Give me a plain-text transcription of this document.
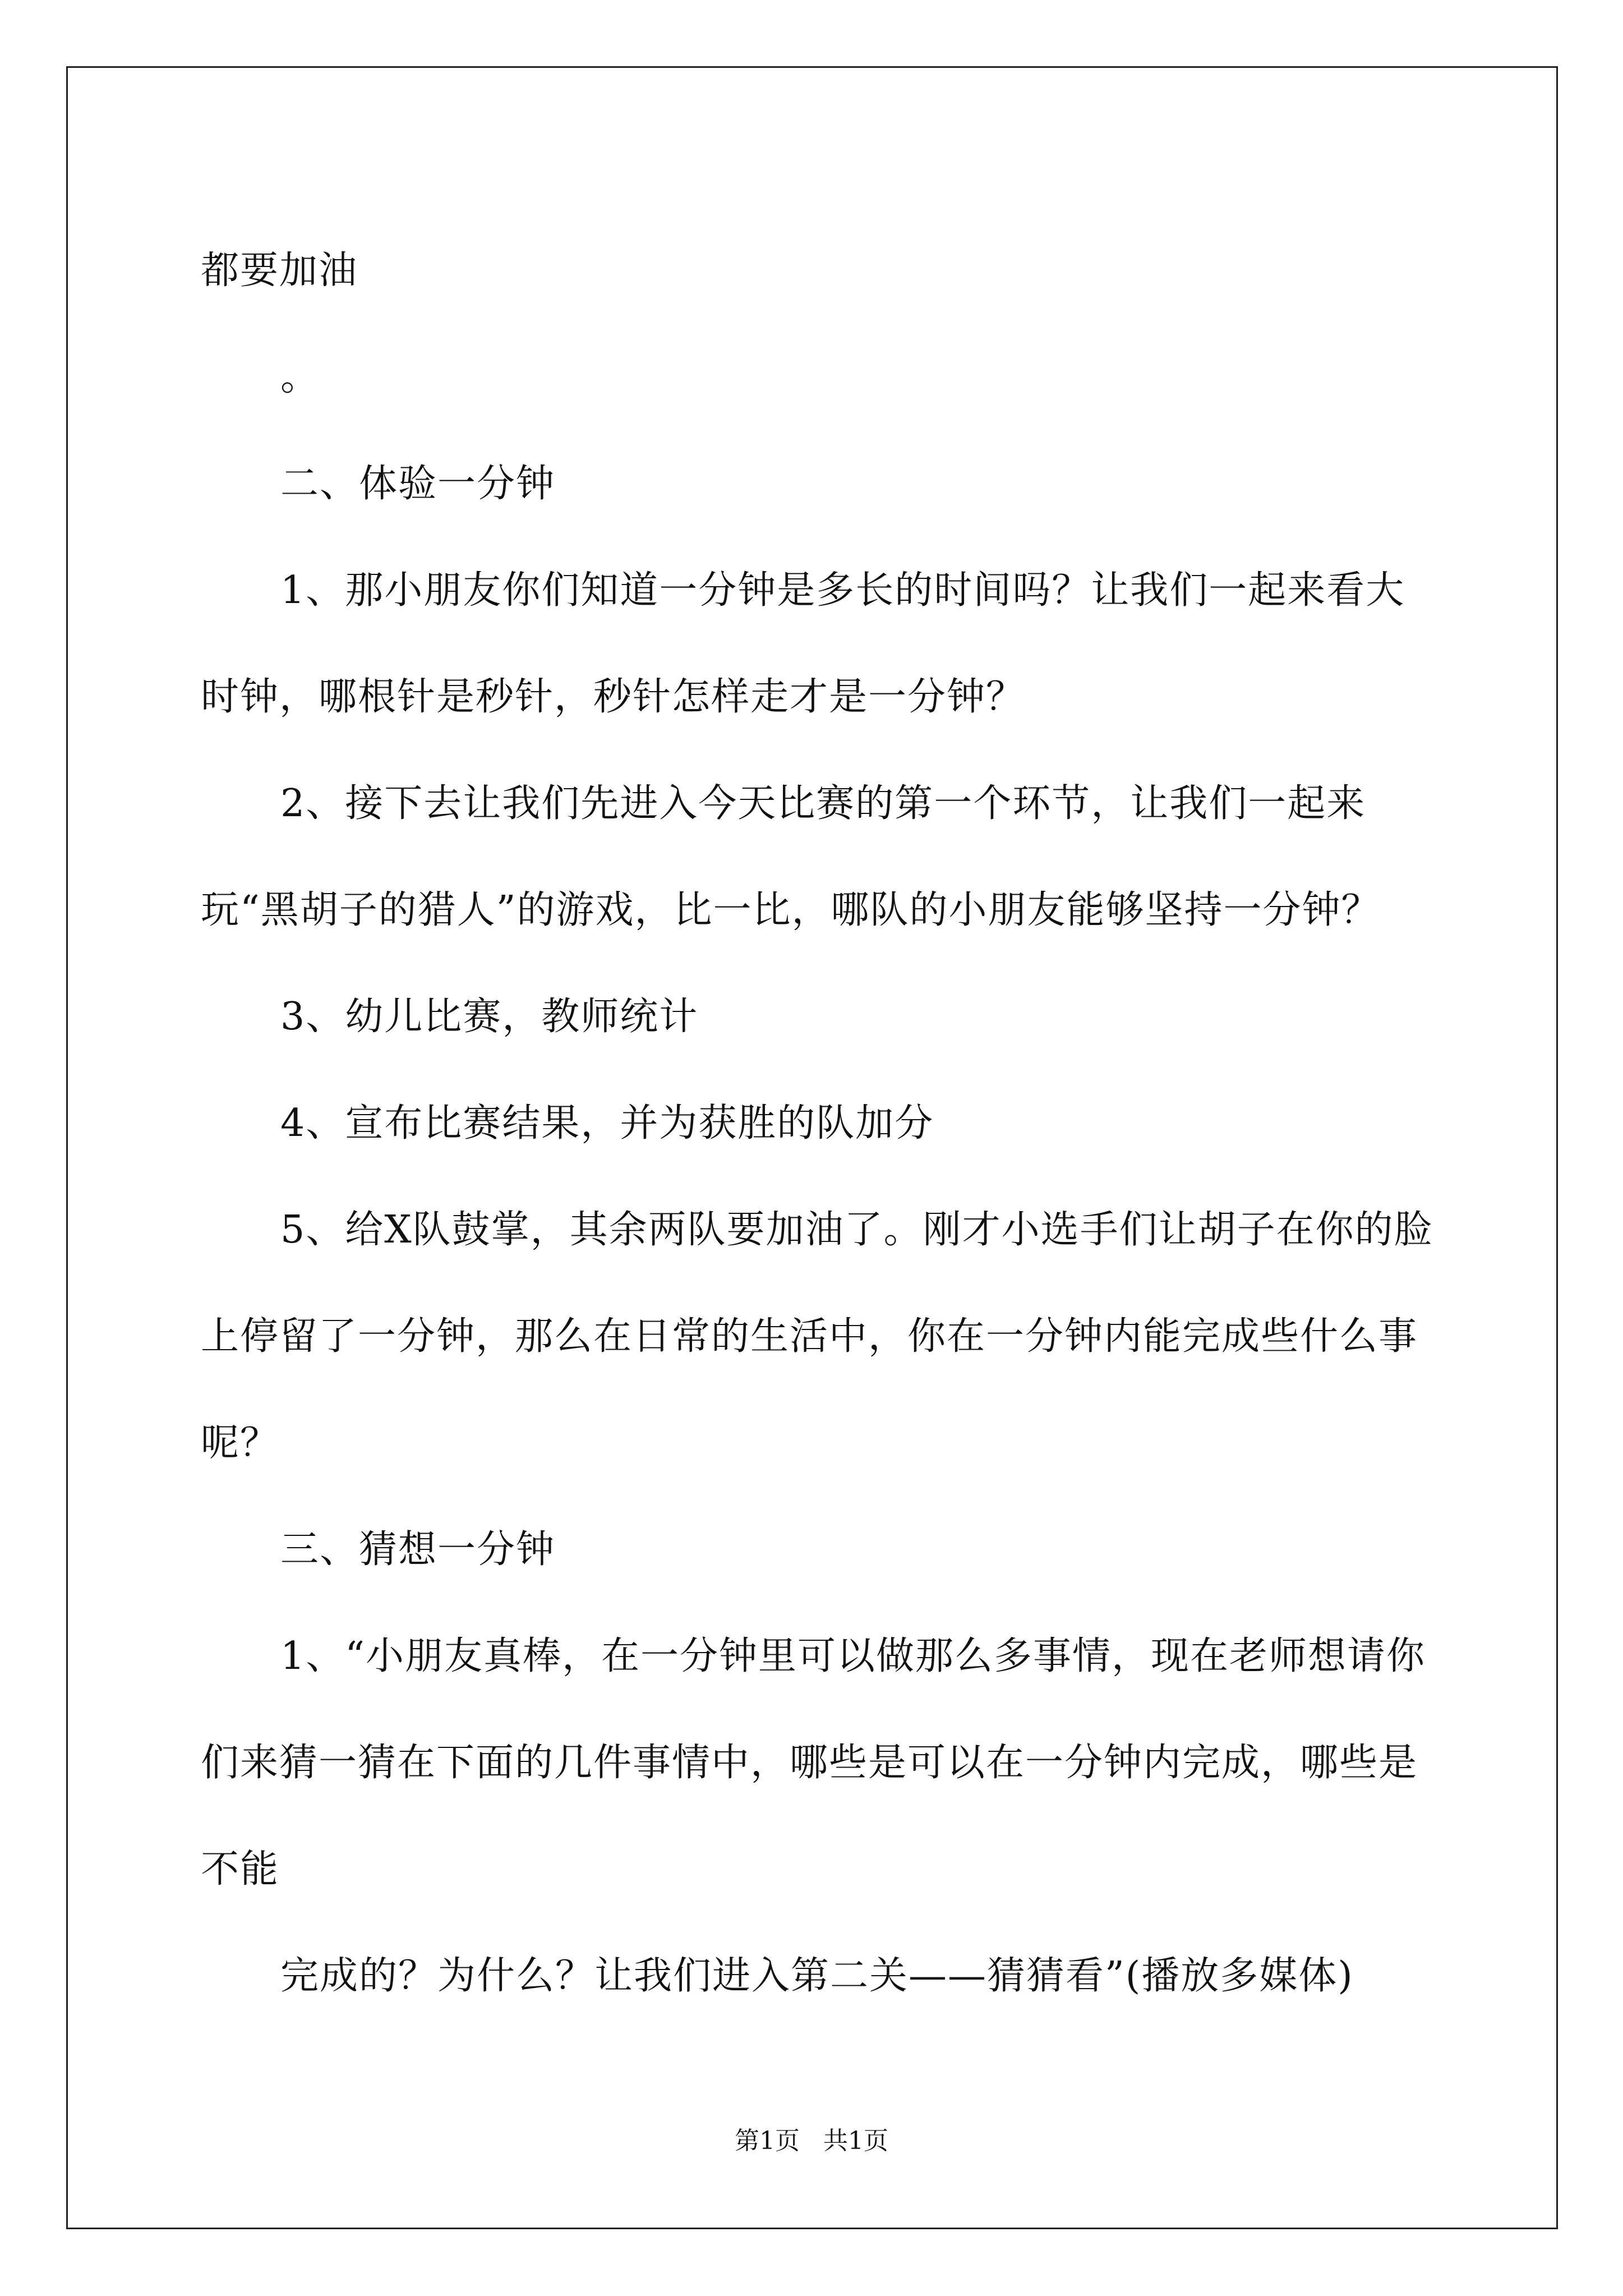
都要加油

。

二、体验一分钟

1、那小朋友你们知道一分钟是多长的时间吗？让我们一起来看大时钟，哪根针是秒针，秒针怎样走才是一分钟？

2、接下去让我们先进入今天比赛的第一个环节，让我们一起来玩“黑胡子的猎人”的游戏，比一比，哪队的小朋友能够坚持一分钟？

3、幼儿比赛，教师统计

4、宣布比赛结果，并为获胜的队加分

5、给X队鼓掌，其余两队要加油了。刚才小选手们让胡子在你的脸上停留了一分钟，那么在日常的生活中，你在一分钟内能完成些什么事呢？

三、猜想一分钟

1、“小朋友真棒，在一分钟里可以做那么多事情，现在老师想请你们来猜一猜在下面的几件事情中，哪些是可以在一分钟内完成，哪些是不能

完成的？为什么？让我们进入第二关——猜猜看”(播放多媒体)

第1页   共1页
